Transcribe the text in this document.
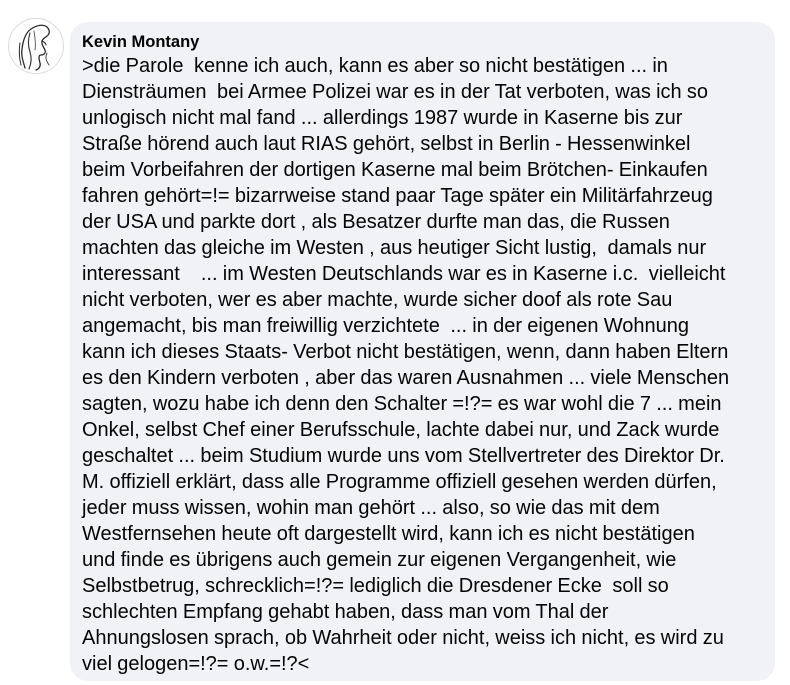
Kevin Montany
>die Parole  kenne ich auch, kann es aber so nicht bestätigen ... in
Diensträumen  bei Armee Polizei war es in der Tat verboten, was ich so
unlogisch nicht mal fand ... allerdings 1987 wurde in Kaserne bis zur
Straße hörend auch laut RIAS gehört, selbst in Berlin - Hessenwinkel
beim Vorbeifahren der dortigen Kaserne mal beim Brötchen- Einkaufen
fahren gehört=!= bizarrweise stand paar Tage später ein Militärfahrzeug
der USA und parkte dort , als Besatzer durfte man das, die Russen
machten das gleiche im Westen , aus heutiger Sicht lustig,  damals nur
interessant    ... im Westen Deutschlands war es in Kaserne i.c.  vielleicht
nicht verboten, wer es aber machte, wurde sicher doof als rote Sau
angemacht, bis man freiwillig verzichtete  ... in der eigenen Wohnung
kann ich dieses Staats- Verbot nicht bestätigen, wenn, dann haben Eltern
es den Kindern verboten , aber das waren Ausnahmen ... viele Menschen
sagten, wozu habe ich denn den Schalter =!?= es war wohl die 7 ... mein
Onkel, selbst Chef einer Berufsschule, lachte dabei nur, und Zack wurde
geschaltet ... beim Studium wurde uns vom Stellvertreter des Direktor Dr.
M. offiziell erklärt, dass alle Programme offiziell gesehen werden dürfen,
jeder muss wissen, wohin man gehört ... also, so wie das mit dem
Westfernsehen heute oft dargestellt wird, kann ich es nicht bestätigen
und finde es übrigens auch gemein zur eigenen Vergangenheit, wie
Selbstbetrug, schrecklich=!?= lediglich die Dresdener Ecke  soll so
schlechten Empfang gehabt haben, dass man vom Thal der
Ahnungslosen sprach, ob Wahrheit oder nicht, weiss ich nicht, es wird zu
viel gelogen=!?= o.w.=!?<
